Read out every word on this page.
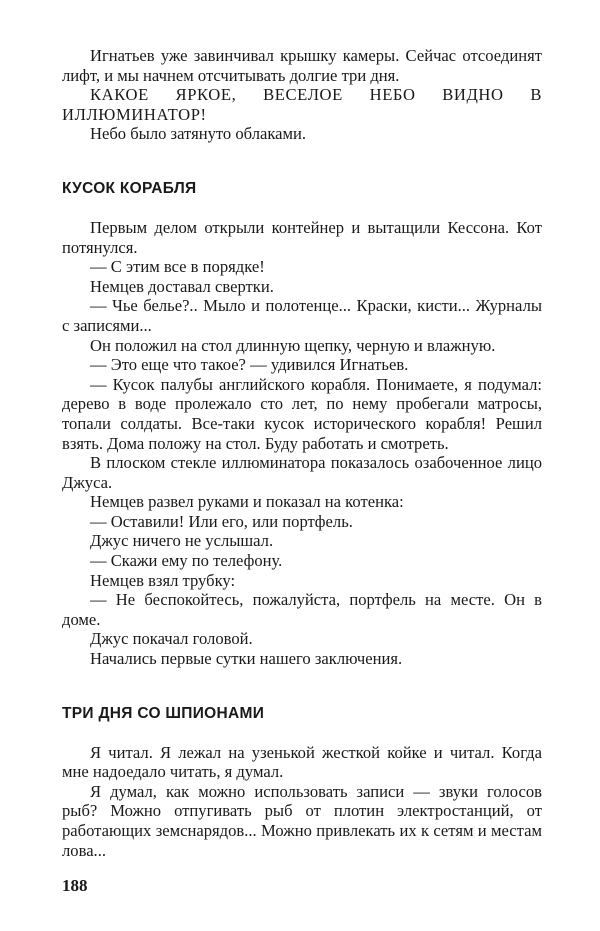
Игнатьев уже завинчивал крышку камеры. Сейчас отсоединят лифт, и мы начнем отсчитывать долгие три дня.

КАКОЕ ЯРКОЕ, ВЕСЕЛОЕ НЕБО ВИДНО В ИЛЛЮМИНАТОР!

Небо было затянуто облаками.

КУСОК КОРАБЛЯ

Первым делом открыли контейнер и вытащили Кессона. Кот потянулся.

— С этим все в порядке!

Немцев доставал свертки.

— Чье белье?.. Мыло и полотенце... Краски, кисти... Журналы с записями...

Он положил на стол длинную щепку, черную и влажную.

— Это еще что такое? — удивился Игнатьев.

— Кусок палубы английского корабля. Понимаете, я подумал: дерево в воде пролежало сто лет, по нему пробегали матросы, топали солдаты. Все-таки кусок исторического корабля! Решил взять. Дома положу на стол. Буду работать и смотреть.

В плоском стекле иллюминатора показалось озабоченное лицо Джуса.

Немцев развел руками и показал на котенка:

— Оставили! Или его, или портфель.

Джус ничего не услышал.

— Скажи ему по телефону.

Немцев взял трубку:

— Не беспокойтесь, пожалуйста, портфель на месте. Он в доме.

Джус покачал головой.

Начались первые сутки нашего заключения.

ТРИ ДНЯ СО ШПИОНАМИ

Я читал. Я лежал на узенькой жесткой койке и читал. Когда мне надоедало читать, я думал.

Я думал, как можно использовать записи — звуки голосов рыб? Можно отпугивать рыб от плотин электростанций, от работающих земснарядов... Можно привлекать их к сетям и местам лова...

188
